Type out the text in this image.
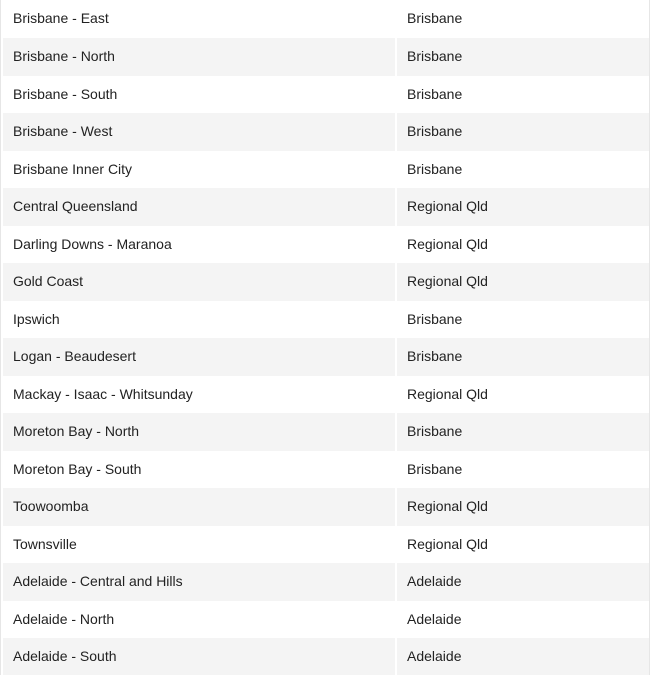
Brisbane - East	Brisbane
Brisbane - North	Brisbane
Brisbane - South	Brisbane
Brisbane - West	Brisbane
Brisbane Inner City	Brisbane
Central Queensland	Regional Qld
Darling Downs - Maranoa	Regional Qld
Gold Coast	Regional Qld
Ipswich	Brisbane
Logan - Beaudesert	Brisbane
Mackay - Isaac - Whitsunday	Regional Qld
Moreton Bay - North	Brisbane
Moreton Bay - South	Brisbane
Toowoomba	Regional Qld
Townsville	Regional Qld
Adelaide - Central and Hills	Adelaide
Adelaide - North	Adelaide
Adelaide - South	Adelaide
